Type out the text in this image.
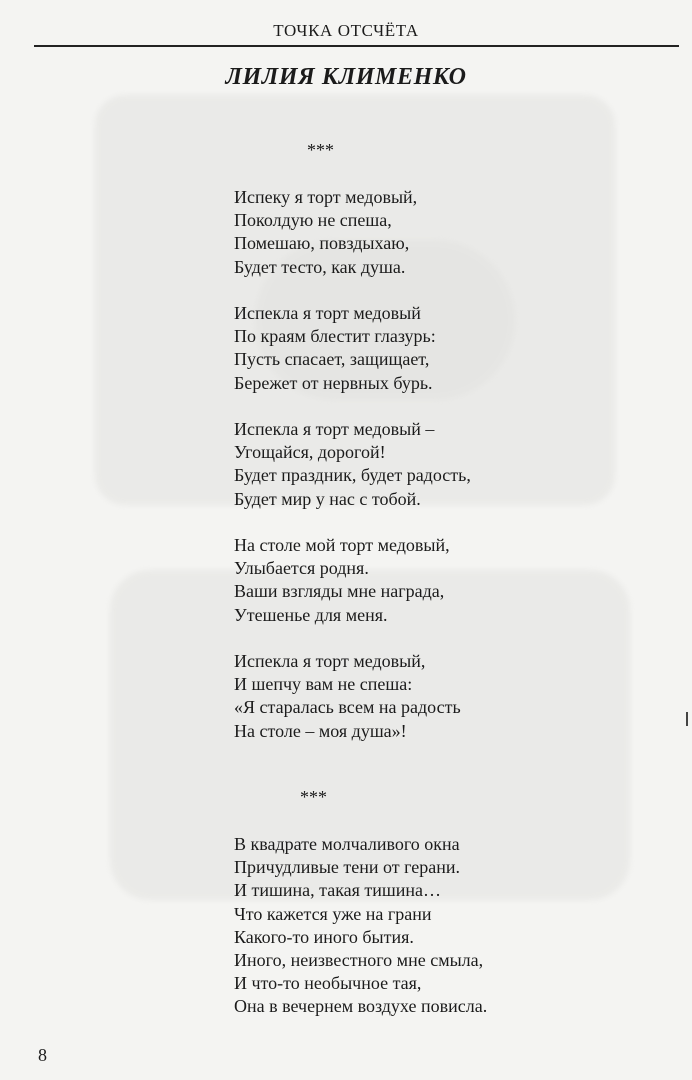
ТОЧКА ОТСЧЁТА
ЛИЛИЯ КЛИМЕНКО
***
Испеку я торт медовый,
Поколдую не спеша,
Помешаю, повздыхаю,
Будет тесто, как душа.
Испекла я торт медовый
По краям блестит глазурь:
Пусть спасает, защищает,
Бережет от нервных бурь.
Испекла я торт медовый –
Угощайся, дорогой!
Будет праздник, будет радость,
Будет мир у нас с тобой.
На столе мой торт медовый,
Улыбается родня.
Ваши взгляды мне награда,
Утешенье для меня.
Испекла я торт медовый,
И шепчу вам не спеша:
«Я старалась всем на радость
На столе – моя душа»!
***
В квадрате молчаливого окна
Причудливые тени от герани.
И тишина, такая тишина…
Что кажется уже на грани
Какого-то иного бытия.
Иного, неизвестного мне смыла,
И что-то необычное тая,
Она в вечернем воздухе повисла.
8
